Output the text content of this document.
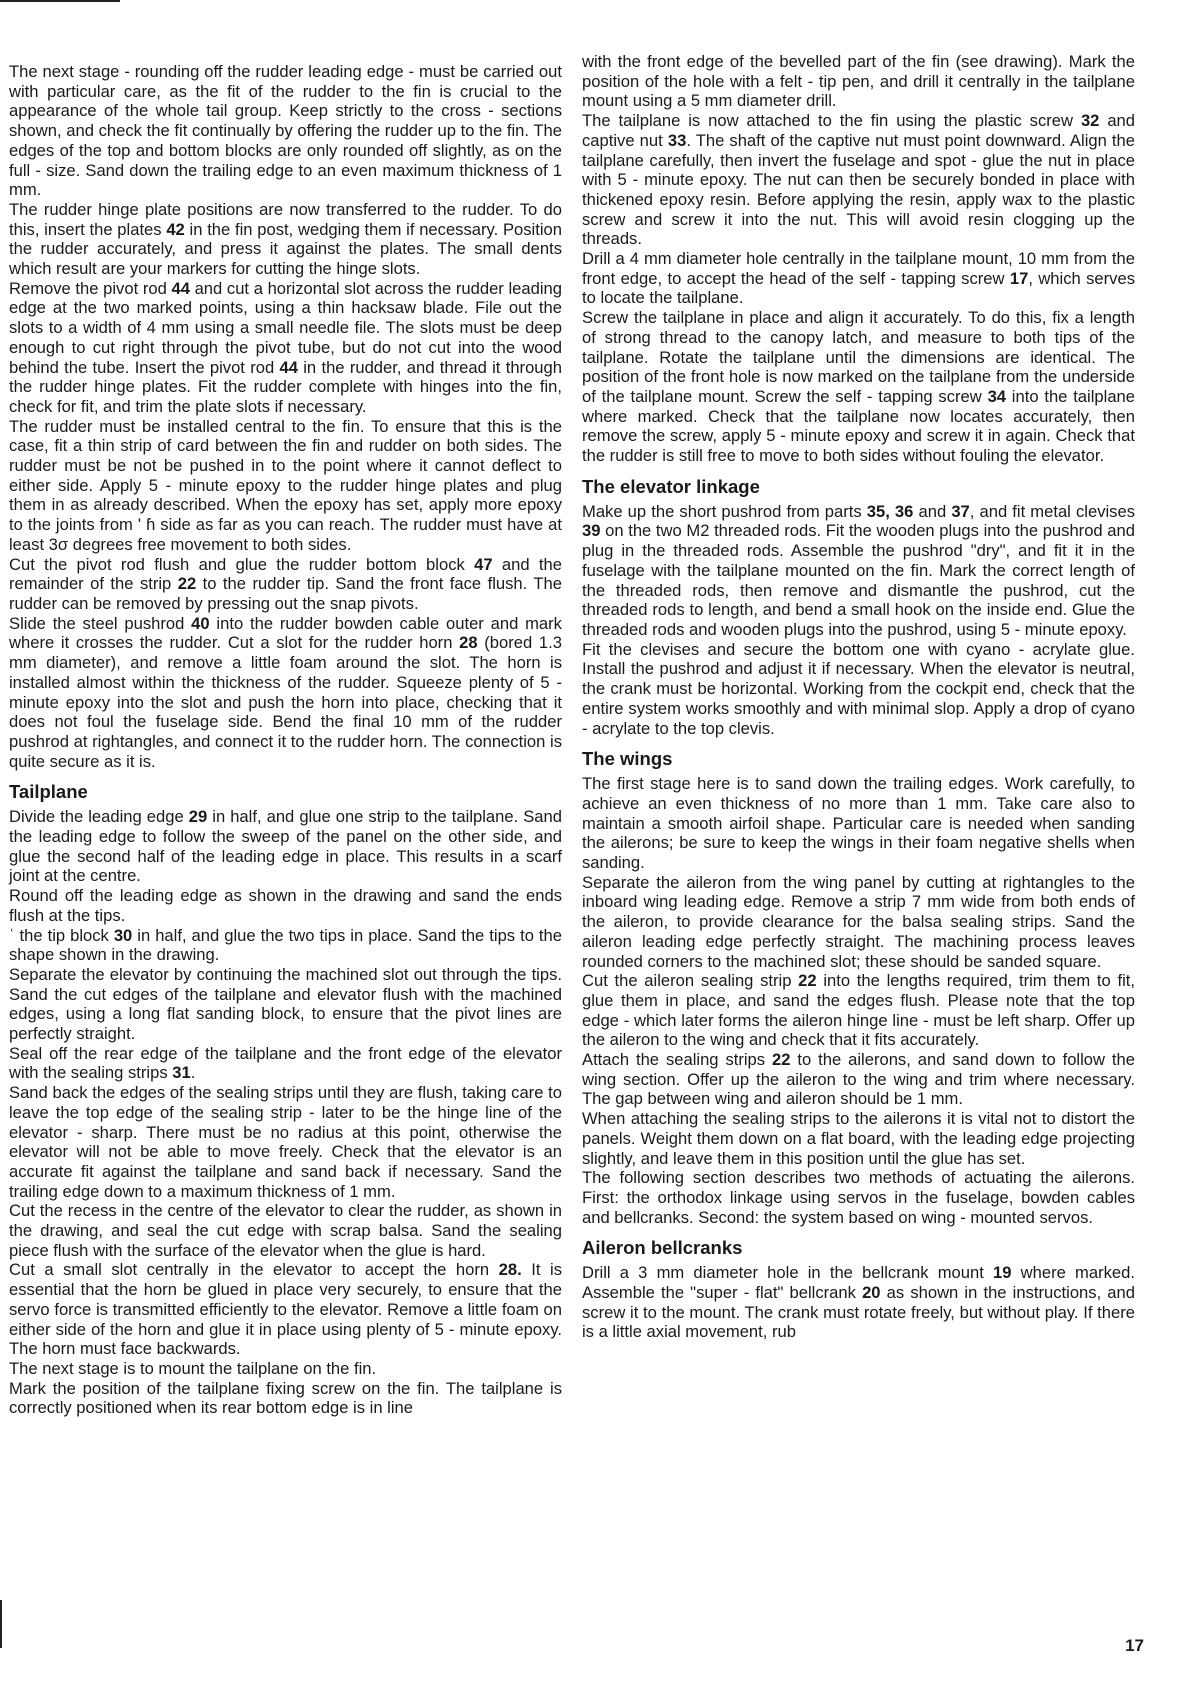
The next stage - rounding off the rudder leading edge - must be carried out with particular care, as the fit of the rudder to the fin is crucial to the appearance of the whole tail group. Keep strictly to the cross - sections shown, and check the fit continually by offering the rudder up to the fin. The edges of the top and bottom blocks are only rounded off slightly, as on the full - size. Sand down the trailing edge to an even maximum thickness of 1 mm.

The rudder hinge plate positions are now transferred to the rudder. To do this, insert the plates 42 in the fin post, wedging them if necessary. Position the rudder accurately, and press it against the plates. The small dents which result are your markers for cutting the hinge slots.

Remove the pivot rod 44 and cut a horizontal slot across the rudder leading edge at the two marked points, using a thin hacksaw blade. File out the slots to a width of 4 mm using a small needle file. The slots must be deep enough to cut right through the pivot tube, but do not cut into the wood behind the tube. Insert the pivot rod 44 in the rudder, and thread it through the rudder hinge plates. Fit the rudder complete with hinges into the fin, check for fit, and trim the plate slots if necessary.

The rudder must be installed central to the fin. To ensure that this is the case, fit a thin strip of card between the fin and rudder on both sides. The rudder must be not be pushed in to the point where it cannot deflect to either side. Apply 5 - minute epoxy to the rudder hinge plates and plug them in as already described. When the epoxy has set, apply more epoxy to the joints from ʹ ɦ side as far as you can reach. The rudder must have at least 3σ degrees free movement to both sides.

Cut the pivot rod flush and glue the rudder bottom block 47 and the remainder of the strip 22 to the rudder tip. Sand the front face flush. The rudder can be removed by pressing out the snap pivots.

Slide the steel pushrod 40 into the rudder bowden cable outer and mark where it crosses the rudder. Cut a slot for the rudder horn 28 (bored 1.3 mm diameter), and remove a little foam around the slot. The horn is installed almost within the thickness of the rudder. Squeeze plenty of 5 - minute epoxy into the slot and push the horn into place, checking that it does not foul the fuselage side. Bend the final 10 mm of the rudder pushrod at rightangles, and connect it to the rudder horn. The connection is quite secure as it is.

Tailplane

Divide the leading edge 29 in half, and glue one strip to the tailplane. Sand the leading edge to follow the sweep of the panel on the other side, and glue the second half of the leading edge in place. This results in a scarf joint at the centre.

Round off the leading edge as shown in the drawing and sand the ends flush at the tips.

ʿ the tip block 30 in half, and glue the two tips in place. Sand the tips to the shape shown in the drawing.

Separate the elevator by continuing the machined slot out through the tips. Sand the cut edges of the tailplane and elevator flush with the machined edges, using a long flat sanding block, to ensure that the pivot lines are perfectly straight.

Seal off the rear edge of the tailplane and the front edge of the elevator with the sealing strips 31.

Sand back the edges of the sealing strips until they are flush, taking care to leave the top edge of the sealing strip - later to be the hinge line of the elevator - sharp. There must be no radius at this point, otherwise the elevator will not be able to move freely. Check that the elevator is an accurate fit against the tailplane and sand back if necessary. Sand the trailing edge down to a maximum thickness of 1 mm.

Cut the recess in the centre of the elevator to clear the rudder, as shown in the drawing, and seal the cut edge with scrap balsa. Sand the sealing piece flush with the surface of the elevator when the glue is hard.

Cut a small slot centrally in the elevator to accept the horn 28. It is essential that the horn be glued in place very securely, to ensure that the servo force is transmitted efficiently to the elevator. Remove a little foam on either side of the horn and glue it in place using plenty of 5 - minute epoxy. The horn must face backwards.

The next stage is to mount the tailplane on the fin.

Mark the position of the tailplane fixing screw on the fin. The tailplane is correctly positioned when its rear bottom edge is in line

with the front edge of the bevelled part of the fin (see drawing). Mark the position of the hole with a felt - tip pen, and drill it centrally in the tailplane mount using a 5 mm diameter drill.

The tailplane is now attached to the fin using the plastic screw 32 and captive nut 33. The shaft of the captive nut must point downward. Align the tailplane carefully, then invert the fuselage and spot - glue the nut in place with 5 - minute epoxy. The nut can then be securely bonded in place with thickened epoxy resin. Before applying the resin, apply wax to the plastic screw and screw it into the nut. This will avoid resin clogging up the threads.

Drill a 4 mm diameter hole centrally in the tailplane mount, 10 mm from the front edge, to accept the head of the self - tapping screw 17, which serves to locate the tailplane.

Screw the tailplane in place and align it accurately. To do this, fix a length of strong thread to the canopy latch, and measure to both tips of the tailplane. Rotate the tailplane until the dimensions are identical. The position of the front hole is now marked on the tailplane from the underside of the tailplane mount. Screw the self - tapping screw 34 into the tailplane where marked. Check that the tailplane now locates accurately, then remove the screw, apply 5 - minute epoxy and screw it in again. Check that the rudder is still free to move to both sides without fouling the elevator.

The elevator linkage

Make up the short pushrod from parts 35, 36 and 37, and fit metal clevises 39 on the two M2 threaded rods. Fit the wooden plugs into the pushrod and plug in the threaded rods. Assemble the pushrod "dry", and fit it in the fuselage with the tailplane mounted on the fin. Mark the correct length of the threaded rods, then remove and dismantle the pushrod, cut the threaded rods to length, and bend a small hook on the inside end. Glue the threaded rods and wooden plugs into the pushrod, using 5 - minute epoxy.

Fit the clevises and secure the bottom one with cyano - acrylate glue. Install the pushrod and adjust it if necessary. When the elevator is neutral, the crank must be horizontal. Working from the cockpit end, check that the entire system works smoothly and with minimal slop. Apply a drop of cyano - acrylate to the top clevis.

The wings

The first stage here is to sand down the trailing edges. Work carefully, to achieve an even thickness of no more than 1 mm. Take care also to maintain a smooth airfoil shape. Particular care is needed when sanding the ailerons; be sure to keep the wings in their foam negative shells when sanding.

Separate the aileron from the wing panel by cutting at rightangles to the inboard wing leading edge. Remove a strip 7 mm wide from both ends of the aileron, to provide clearance for the balsa sealing strips. Sand the aileron leading edge perfectly straight. The machining process leaves rounded corners to the machined slot; these should be sanded square.

Cut the aileron sealing strip 22 into the lengths required, trim them to fit, glue them in place, and sand the edges flush. Please note that the top edge - which later forms the aileron hinge line - must be left sharp. Offer up the aileron to the wing and check that it fits accurately.

Attach the sealing strips 22 to the ailerons, and sand down to follow the wing section. Offer up the aileron to the wing and trim where necessary. The gap between wing and aileron should be 1 mm.

When attaching the sealing strips to the ailerons it is vital not to distort the panels. Weight them down on a flat board, with the leading edge projecting slightly, and leave them in this position until the glue has set.

The following section describes two methods of actuating the ailerons. First: the orthodox linkage using servos in the fuselage, bowden cables and bellcranks. Second: the system based on wing - mounted servos.

Aileron bellcranks

Drill a 3 mm diameter hole in the bellcrank mount 19 where marked. Assemble the "super - flat" bellcrank 20 as shown in the instructions, and screw it to the mount. The crank must rotate freely, but without play. If there is a little axial movement, rub

17
